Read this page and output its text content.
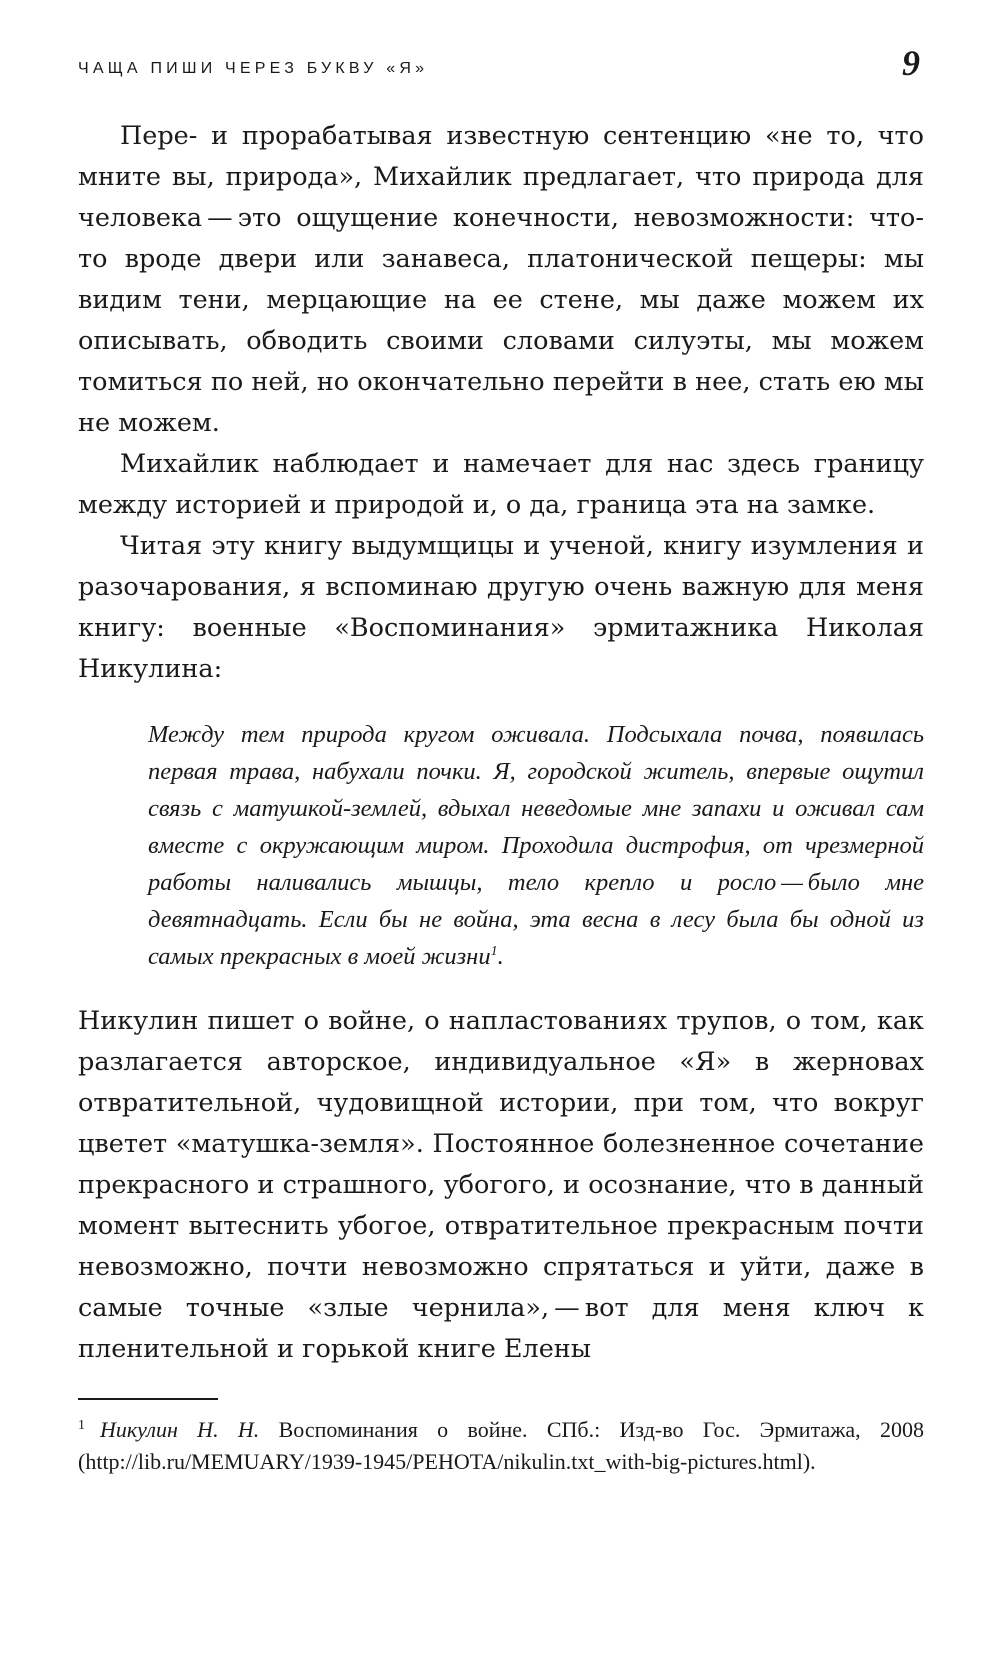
ЧАЩА ПИШИ ЧЕРЕЗ БУКВУ «Я»	9

Пере- и прорабатывая известную сентенцию «не то, что мните вы, природа», Михайлик предлагает, что природа для человека — это ощущение конечности, невозможности: что-то вроде двери или занавеса, платонической пещеры: мы видим тени, мерцающие на ее стене, мы даже можем их описывать, обводить своими словами силуэты, мы можем томиться по ней, но окончательно перейти в нее, стать ею мы не можем.

Михайлик наблюдает и намечает для нас здесь границу между историей и природой и, о да, граница эта на замке.

Читая эту книгу выдумщицы и ученой, книгу изумления и разочарования, я вспоминаю другую очень важную для меня книгу: военные «Воспоминания» эрмитажника Николая Никулина:

Между тем природа кругом оживала. Подсыхала почва, появилась первая трава, набухали почки. Я, городской житель, впервые ощутил связь с матушкой-землей, вдыхал неведомые мне запахи и оживал сам вместе с окружающим миром. Проходила дистрофия, от чрезмерной работы наливались мышцы, тело крепло и росло — было мне девятнадцать. Если бы не война, эта весна в лесу была бы одной из самых прекрасных в моей жизни$^1$.

Никулин пишет о войне, о напластованиях трупов, о том, как разлагается авторское, индивидуальное «Я» в жерновах отвратительной, чудовищной истории, при том, что вокруг цветет «матушка-земля». Постоянное болезненное сочетание прекрасного и страшного, убогого, и осознание, что в данный момент вытеснить убогое, отвратительное прекрасным почти невозможно, почти невозможно спрятаться и уйти, даже в самые точные «злые чернила», — вот для меня ключ к пленительной и горькой книге Елены

1 Никулин Н. Н. Воспоминания о войне. СПб.: Изд-во Гос. Эрмитажа, 2008 (http://lib.ru/MEMUARY/1939-1945/PEHOTA/nikulin.txt_with-big-pictures.html).
